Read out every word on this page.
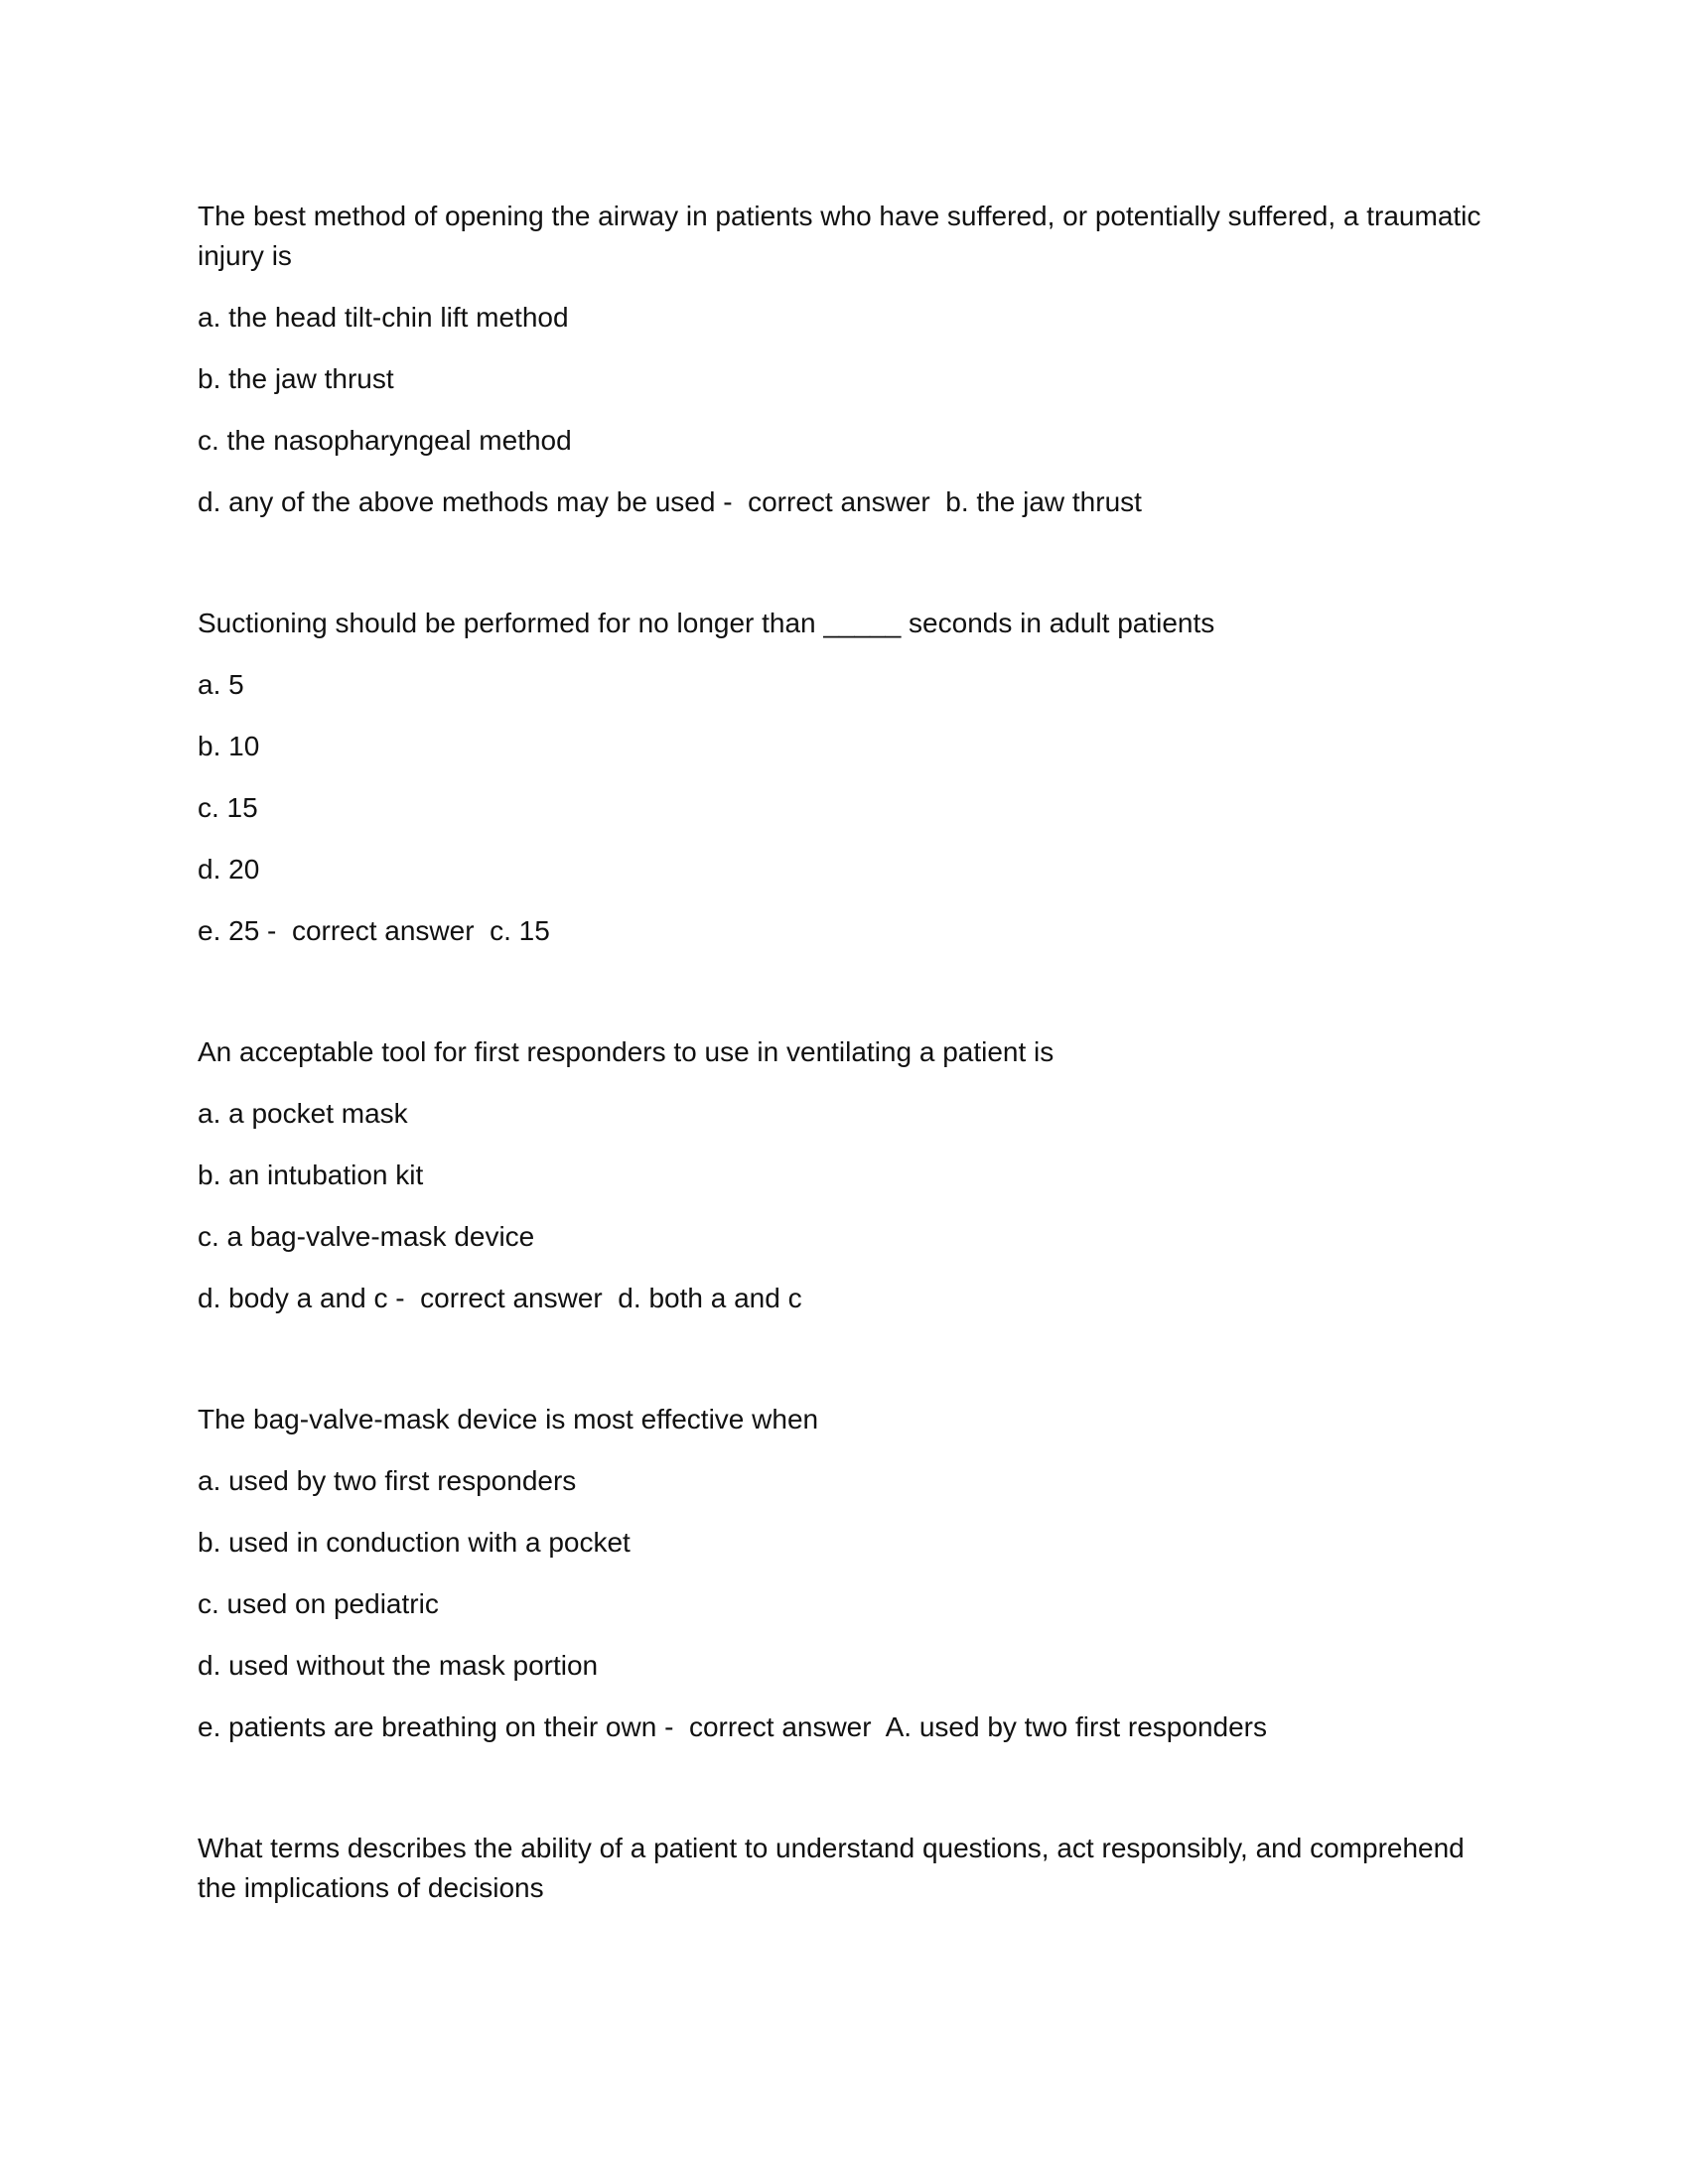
The best method of opening the airway in patients who have suffered, or potentially suffered, a traumatic injury is

a. the head tilt-chin lift method

b. the jaw thrust

c. the nasopharyngeal method

d. any of the above methods may be used -  correct answer  b. the jaw thrust

Suctioning should be performed for no longer than _____ seconds in adult patients

a. 5

b. 10

c. 15

d. 20

e. 25 -  correct answer  c. 15

An acceptable tool for first responders to use in ventilating a patient is

a. a pocket mask

b. an intubation kit

c. a bag-valve-mask device

d. body a and c -  correct answer  d. both a and c

The bag-valve-mask device is most effective when

a. used by two first responders

b. used in conduction with a pocket

c. used on pediatric

d. used without the mask portion

e. patients are breathing on their own -  correct answer  A. used by two first responders

What terms describes the ability of a patient to understand questions, act responsibly, and comprehend the implications of decisions
